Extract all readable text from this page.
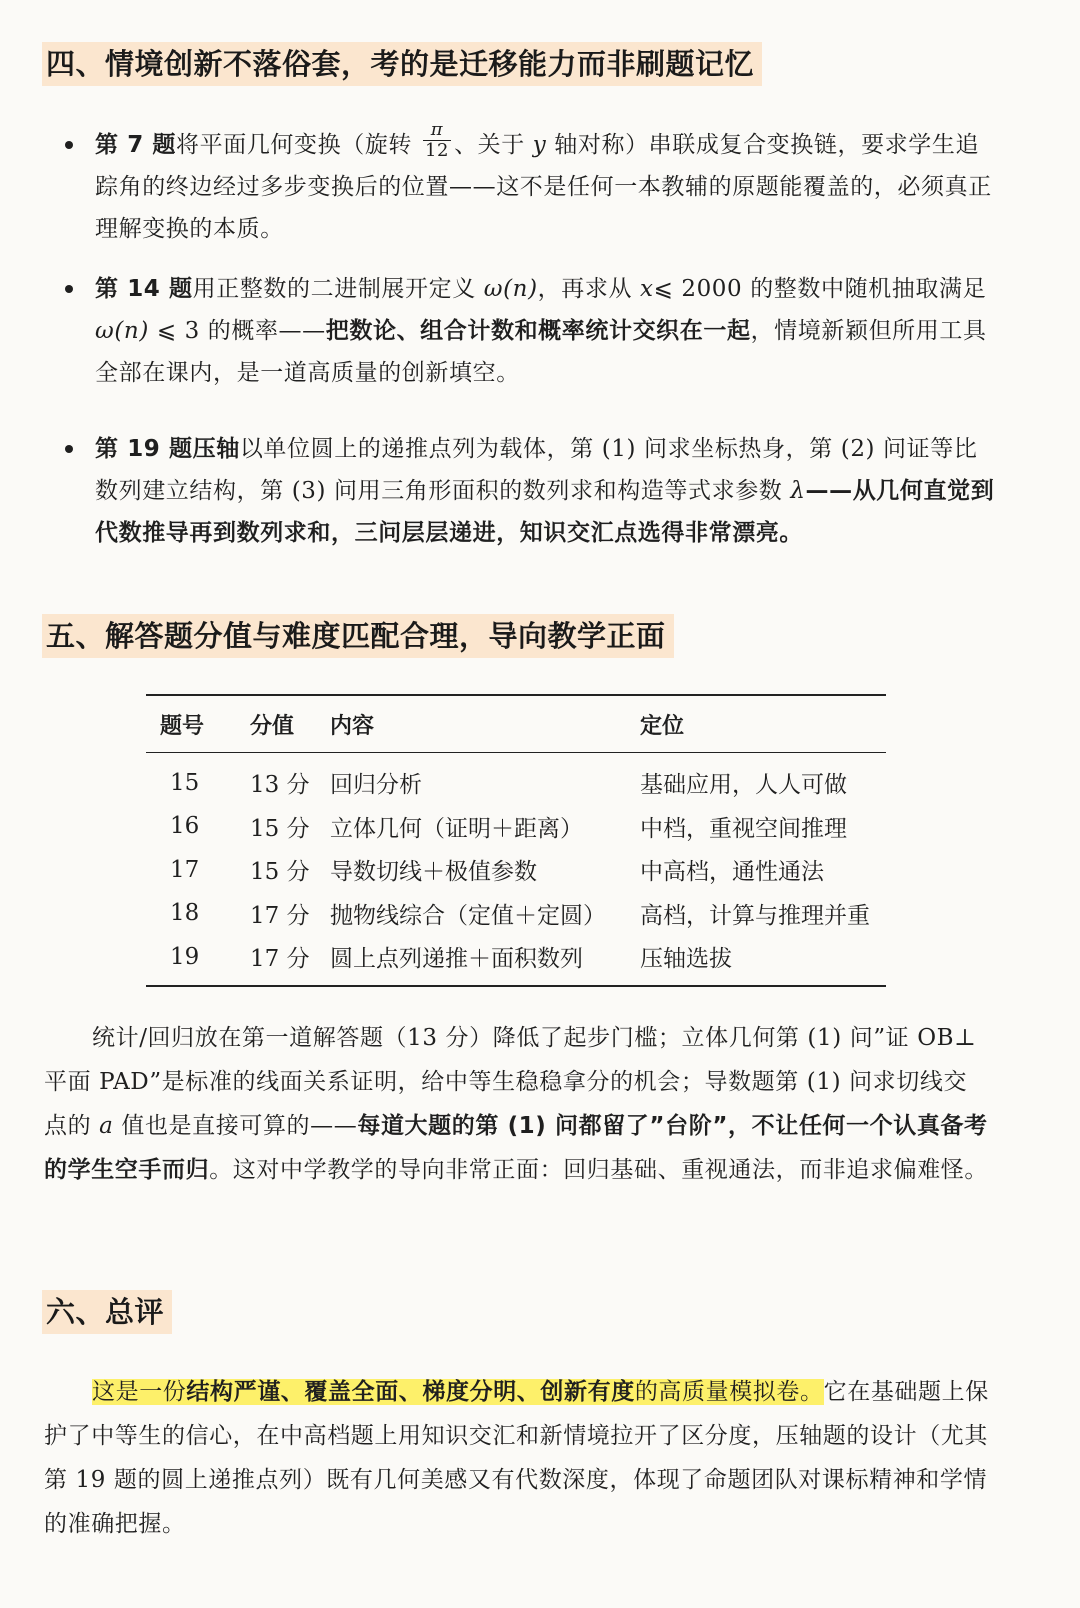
四、情境创新不落俗套，考的是迁移能力而非刷题记忆
第 7 题将平面几何变换（旋转 $\frac{\pi}{12}$ 、关于 y 轴对称）串联成复合变换链，要求学生追踪角的终边经过多步变换后的位置——这不是任何一本教辅的原题能覆盖的，必须真正理解变换的本质。
第 14 题用正整数的二进制展开定义 ω(n)，再求从 x⩽ 2000 的整数中随机抽取满足 ω(n) ⩽ 3 的概率——把数论、组合计数和概率统计交织在一起，情境新颖但所用工具全部在课内，是一道高质量的创新填空。
第 19 题压轴以单位圆上的递推点列为载体，第 (1) 问求坐标热身，第 (2) 问证等比数列建立结构，第 (3) 问用三角形面积的数列求和构造等式求参数 λ——从几何直觉到代数推导再到数列求和，三问层层递进，知识交汇点选得非常漂亮。
五、解答题分值与难度匹配合理，导向教学正面
题号	分值	内容	定位
15	13 分	回归分析	基础应用，人人可做
16	15 分	立体几何（证明＋距离）	中档，重视空间推理
17	15 分	导数切线＋极值参数	中高档，通性通法
18	17 分	抛物线综合（定值＋定圆）	高档，计算与推理并重
19	17 分	圆上点列递推＋面积数列	压轴选拔

统计/回归放在第一道解答题（13 分）降低了起步门槛；立体几何第 (1) 问”证 OB⊥平面 PAD”是标准的线面关系证明，给中等生稳稳拿分的机会；导数题第 (1) 问求切线交点的 a 值也是直接可算的——每道大题的第 (1) 问都留了”台阶”，不让任何一个认真备考的学生空手而归。这对中学教学的导向非常正面：回归基础、重视通法，而非追求偏难怪。

六、总评

这是一份结构严谨、覆盖全面、梯度分明、创新有度的高质量模拟卷。它在基础题上保护了中等生的信心，在中高档题上用知识交汇和新情境拉开了区分度，压轴题的设计（尤其第 19 题的圆上递推点列）既有几何美感又有代数深度，体现了命题团队对课标精神和学情的准确把握。
